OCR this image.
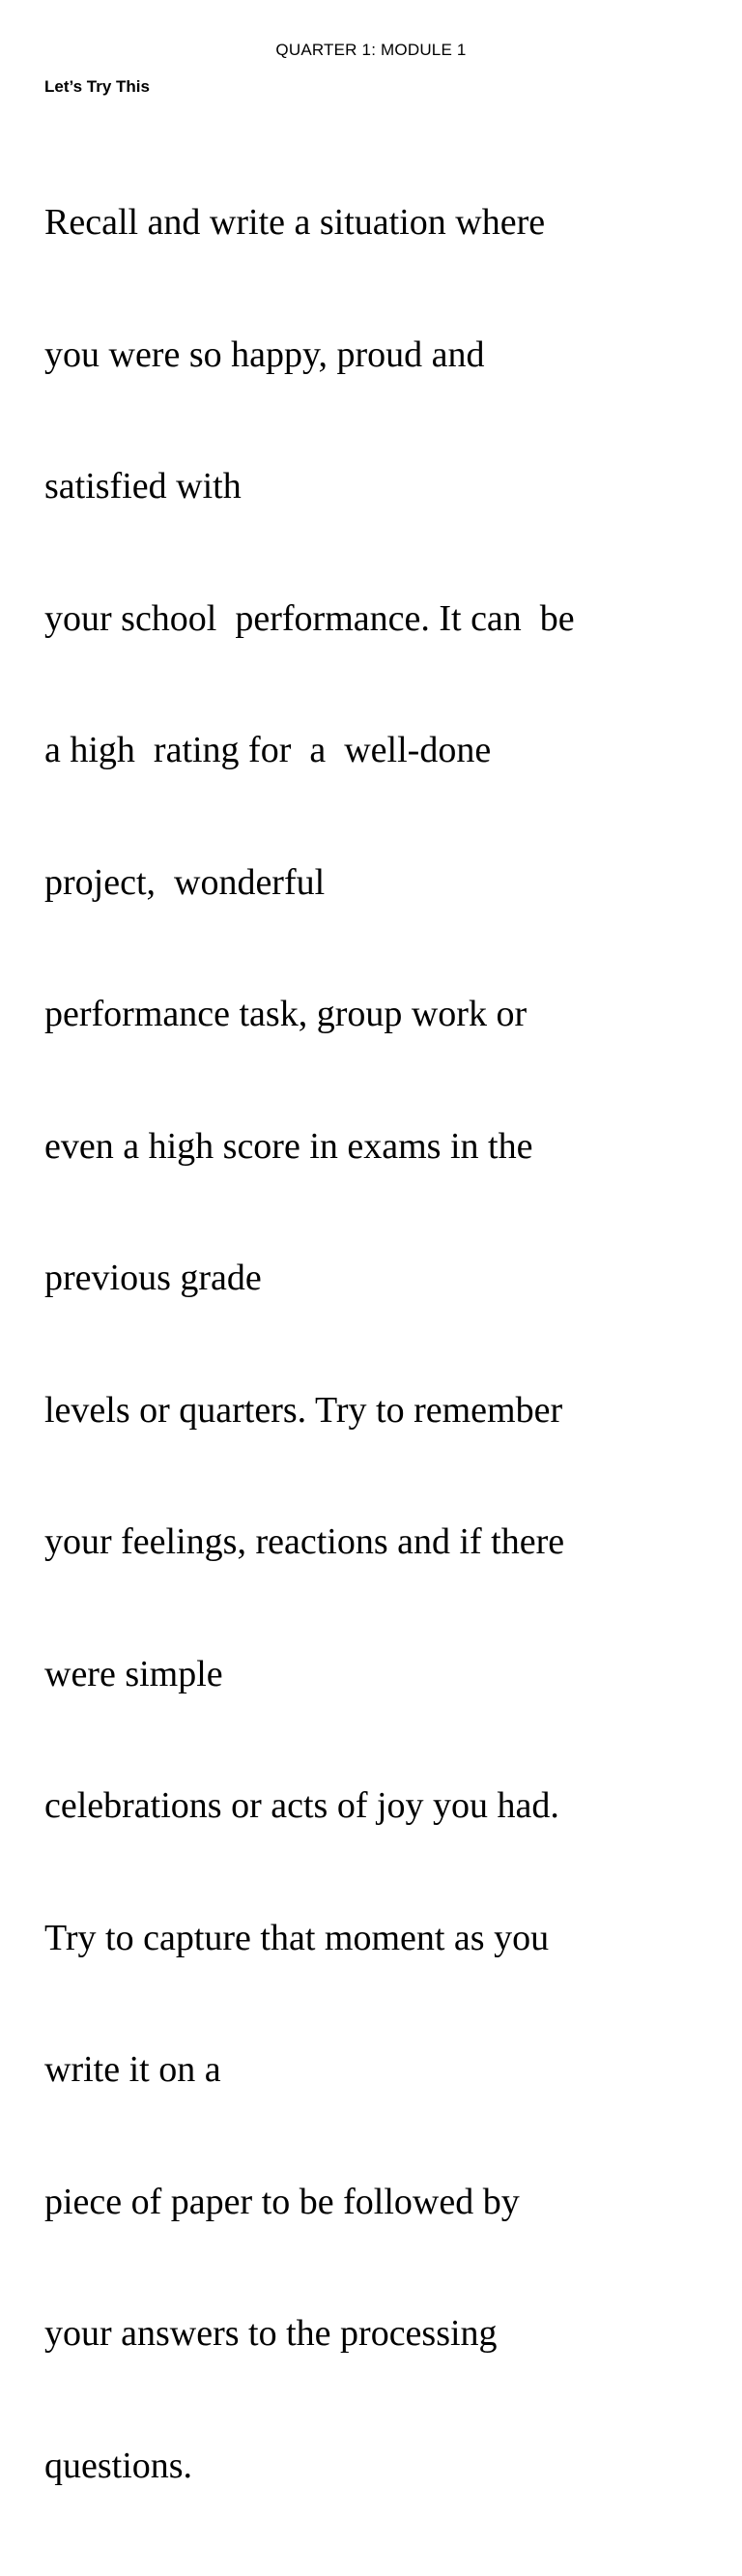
QUARTER 1: MODULE 1
Let’s Try This

Recall and write a situation where

you were so happy, proud and

satisfied with

your school  performance. It can  be

a high  rating for  a  well-done

project,  wonderful

performance task, group work or

even a high score in exams in the

previous grade

levels or quarters. Try to remember

your feelings, reactions and if there

were simple

celebrations or acts of joy you had.

Try to capture that moment as you

write it on a

piece of paper to be followed by

your answers to the processing

questions.
